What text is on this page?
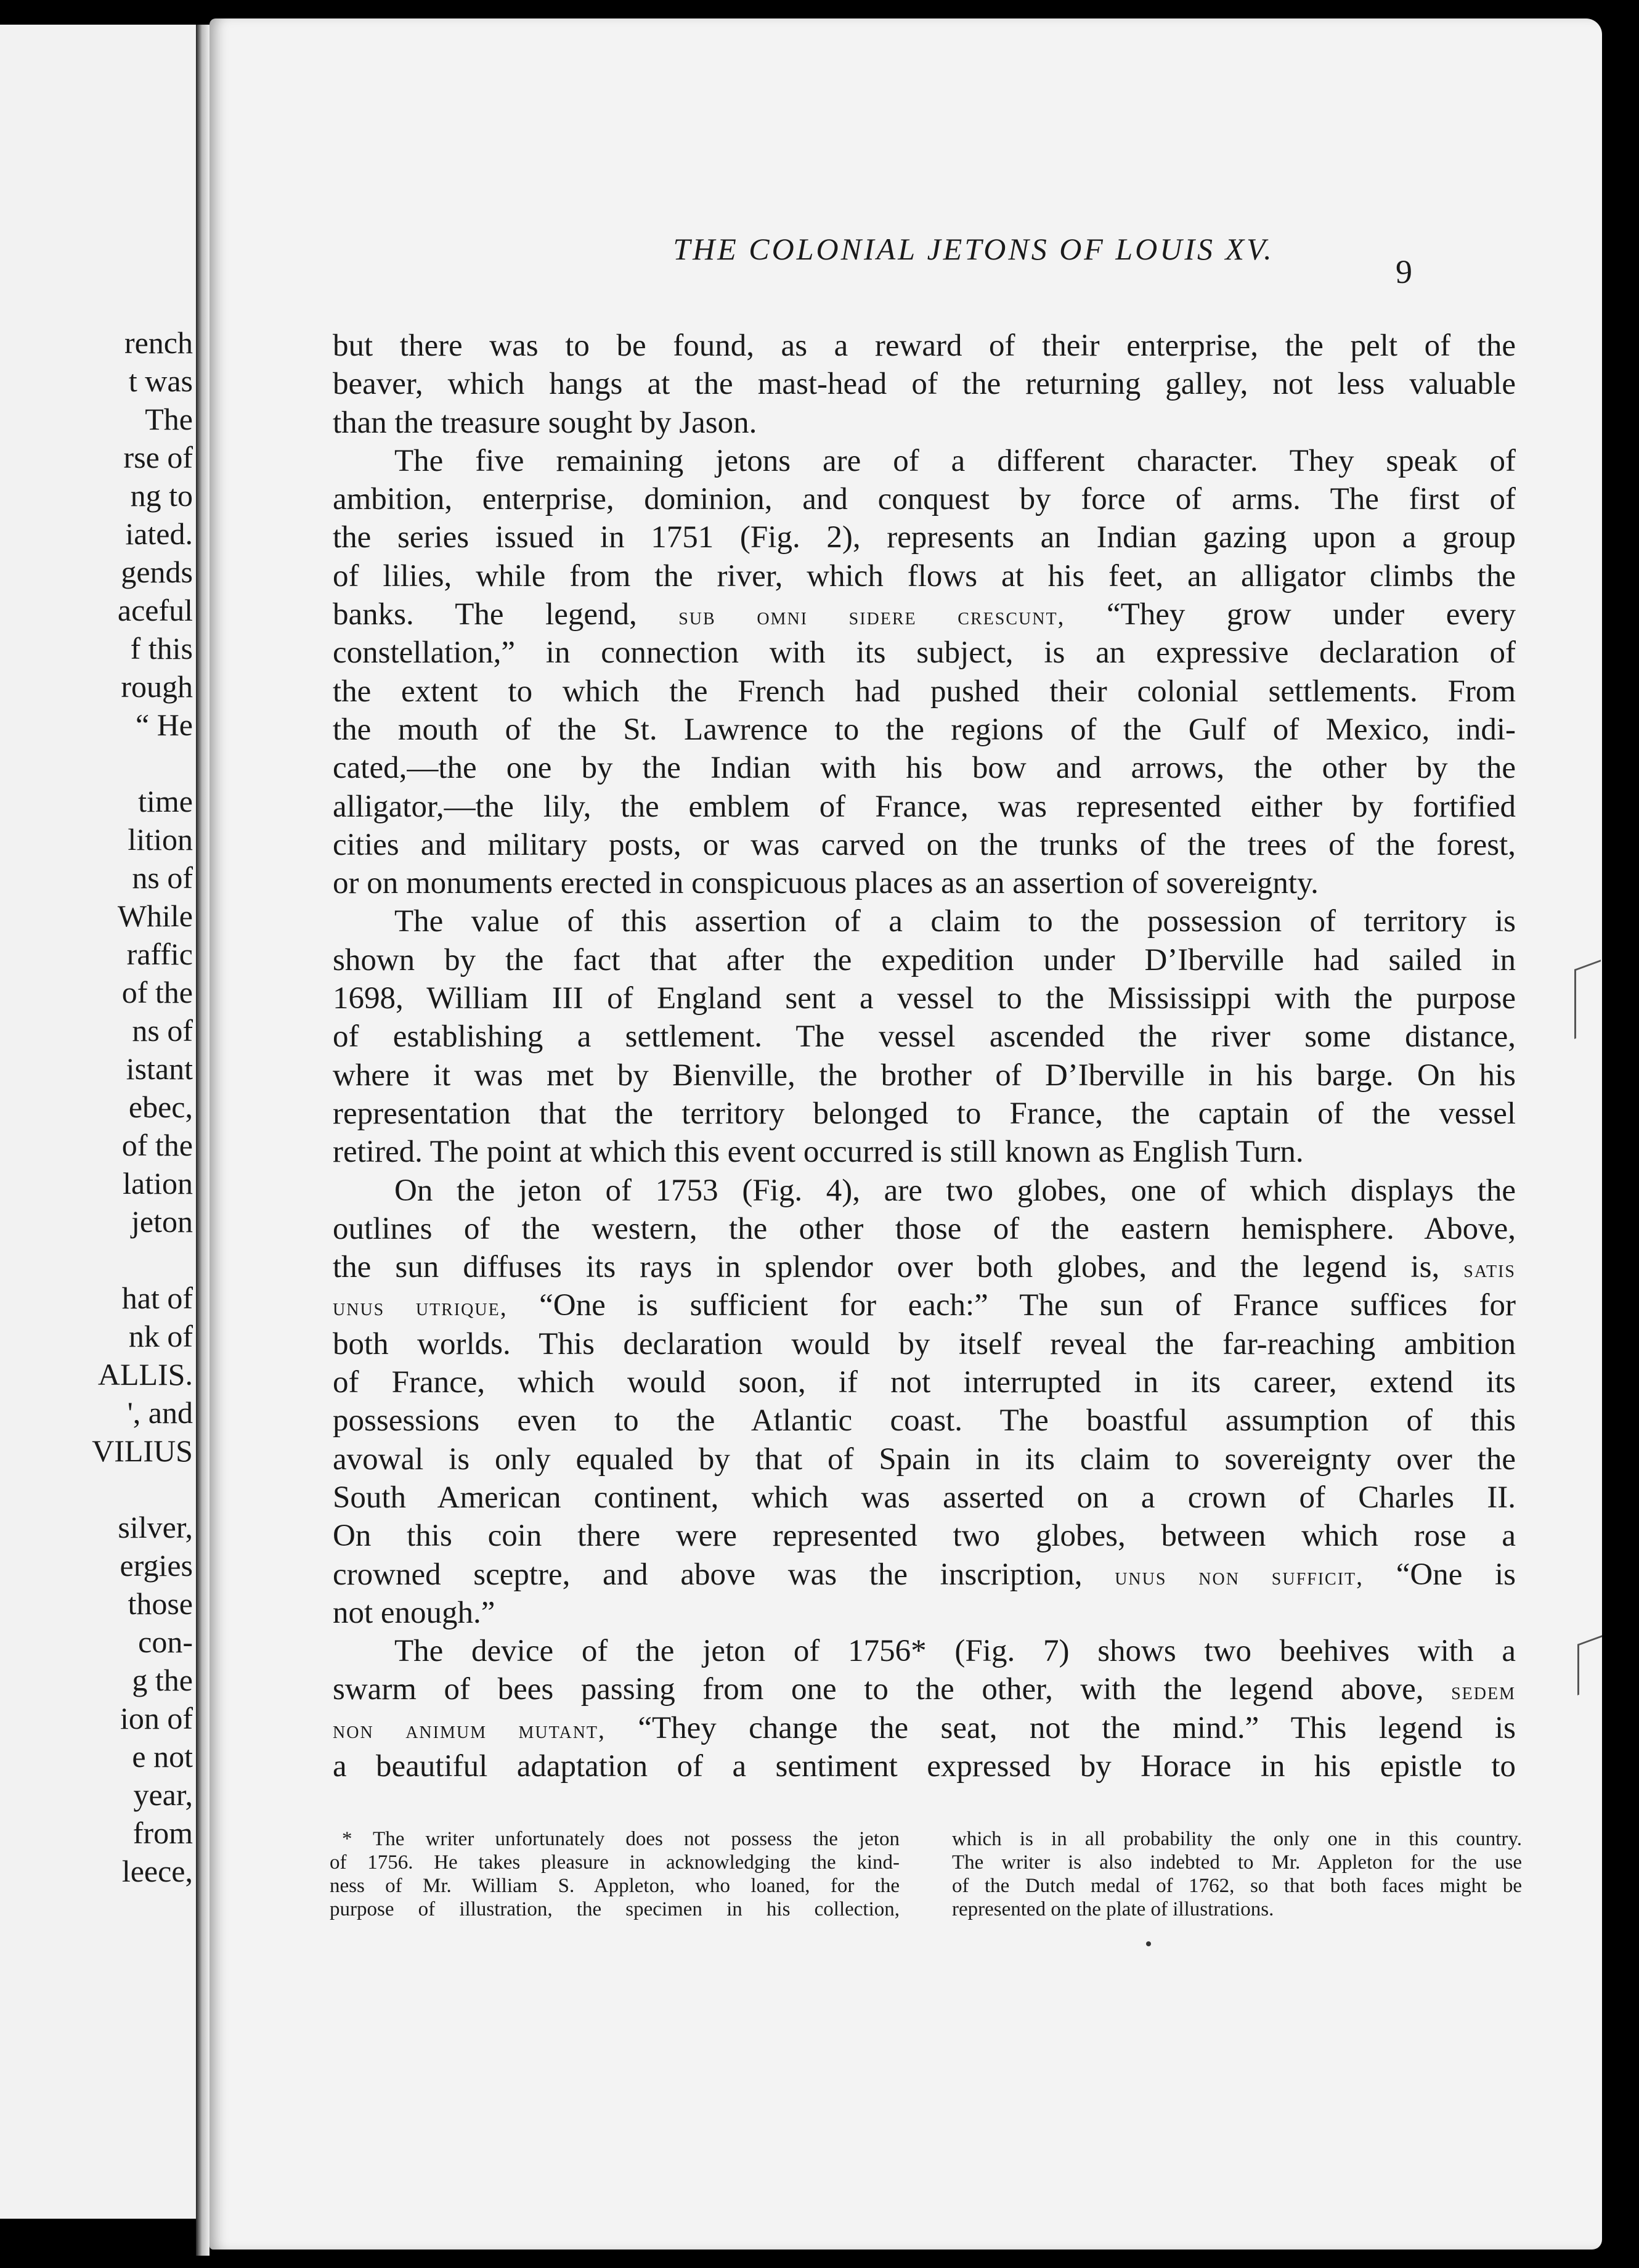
rench
t was
The
rse of
ng to
iated.
gends
aceful
f this
rough
“ He
time
lition
ns of
While
raffic
of the
ns of
istant
ebec,
of the
lation
jeton
hat of
nk of
ALLIS.
', and
VILIUS
silver,
ergies
those
con-
g the
ion of
e not
year,
from
leece,
THE COLONIAL JETONS OF LOUIS XV.
9
but there was to be found, as a reward of their enterprise, the pelt of the
beaver, which hangs at the mast-head of the returning galley, not less valuable
than the treasure sought by Jason.
The five remaining jetons are of a different character. They speak of
ambition, enterprise, dominion, and conquest by force of arms. The first of
the series issued in 1751 (Fig. 2), represents an Indian gazing upon a group
of lilies, while from the river, which flows at his feet, an alligator climbs the
banks. The legend, sub omni sidere crescunt, “They grow under every
constellation,” in connection with its subject, is an expressive declaration of
the extent to which the French had pushed their colonial settlements. From
the mouth of the St. Lawrence to the regions of the Gulf of Mexico, indi-
cated,—the one by the Indian with his bow and arrows, the other by the
alligator,—the lily, the emblem of France, was represented either by fortified
cities and military posts, or was carved on the trunks of the trees of the forest,
or on monuments erected in conspicuous places as an assertion of sovereignty.
The value of this assertion of a claim to the possession of territory is
shown by the fact that after the expedition under D’Iberville had sailed in
1698, William III of England sent a vessel to the Mississippi with the purpose
of establishing a settlement. The vessel ascended the river some distance,
where it was met by Bienville, the brother of D’Iberville in his barge. On his
representation that the territory belonged to France, the captain of the vessel
retired. The point at which this event occurred is still known as English Turn.
On the jeton of 1753 (Fig. 4), are two globes, one of which displays the
outlines of the western, the other those of the eastern hemisphere. Above,
the sun diffuses its rays in splendor over both globes, and the legend is, satis
unus utrique, “One is sufficient for each:” The sun of France suffices for
both worlds. This declaration would by itself reveal the far-reaching ambition
of France, which would soon, if not interrupted in its career, extend its
possessions even to the Atlantic coast. The boastful assumption of this
avowal is only equaled by that of Spain in its claim to sovereignty over the
South American continent, which was asserted on a crown of Charles II.
On this coin there were represented two globes, between which rose a
crowned sceptre, and above was the inscription, unus non sufficit, “One is
not enough.”
The device of the jeton of 1756* (Fig. 7) shows two beehives with a
swarm of bees passing from one to the other, with the legend above, sedem
non animum mutant, “They change the seat, not the mind.” This legend is
a beautiful adaptation of a sentiment expressed by Horace in his epistle to
* The writer unfortunately does not possess the jeton
of 1756. He takes pleasure in acknowledging the kind-
ness of Mr. William S. Appleton, who loaned, for the
purpose of illustration, the specimen in his collection,
which is in all probability the only one in this country.
The writer is also indebted to Mr. Appleton for the use
of the Dutch medal of 1762, so that both faces might be
represented on the plate of illustrations.
